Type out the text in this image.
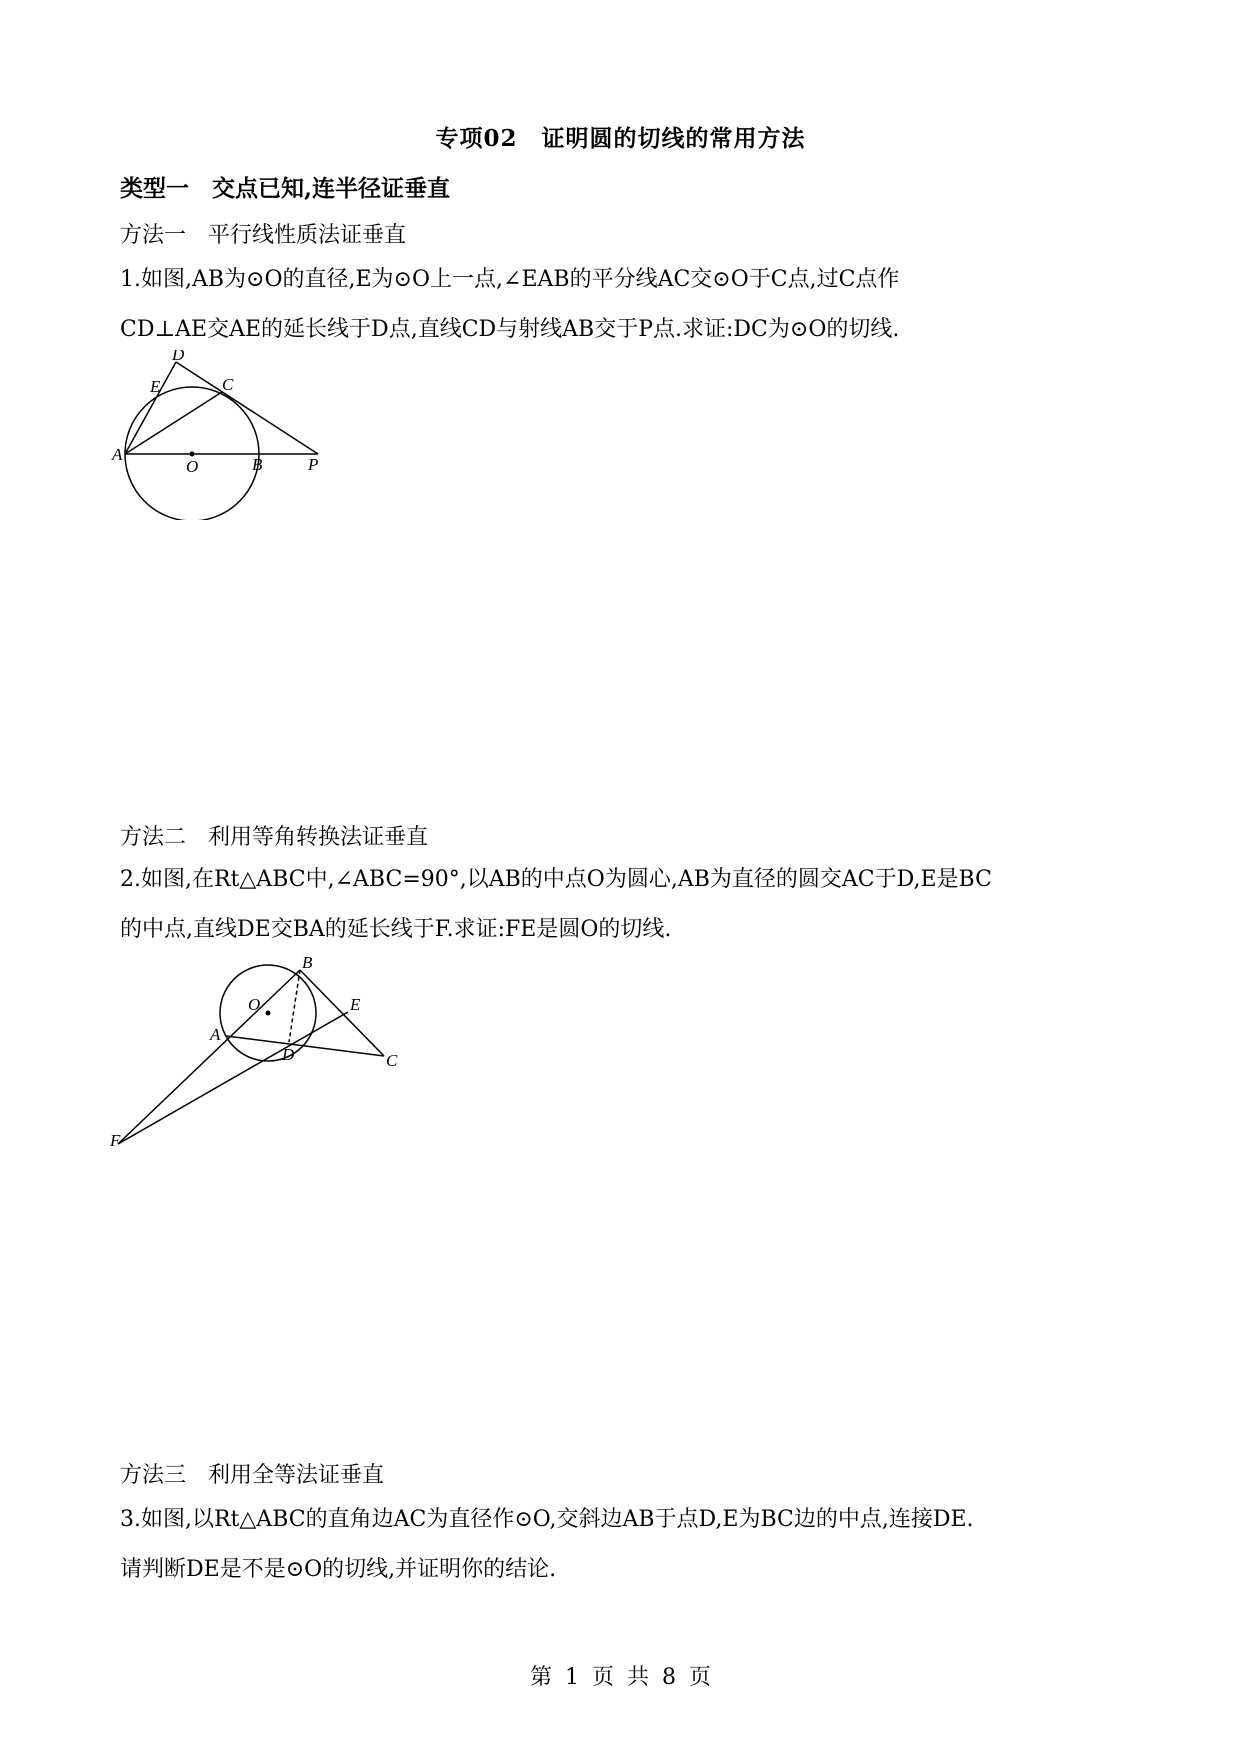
专项02　证明圆的切线的常用方法
类型一　交点已知,连半径证垂直
方法一　平行线性质法证垂直
1.如图,AB为⊙O的直径,E为⊙O上一点,∠EAB的平分线AC交⊙O于C点,过C点作
CD⊥AE交AE的延长线于D点,直线CD与射线AB交于P点.求证:DC为⊙O的切线.
D
E	C
A
O	B	P
方法二　利用等角转换法证垂直
2.如图,在Rt△ABC中,∠ABC=90°,以AB的中点O为圆心,AB为直径的圆交AC于D,E是BC
的中点,直线DE交BA的延长线于F.求证:FE是圆O的切线.
B
O	E
A
D	C
F
方法三　利用全等法证垂直
3.如图,以Rt△ABC的直角边AC为直径作⊙O,交斜边AB于点D,E为BC边的中点,连接DE.
请判断DE是不是⊙O的切线,并证明你的结论.
第 1 页 共 8 页
